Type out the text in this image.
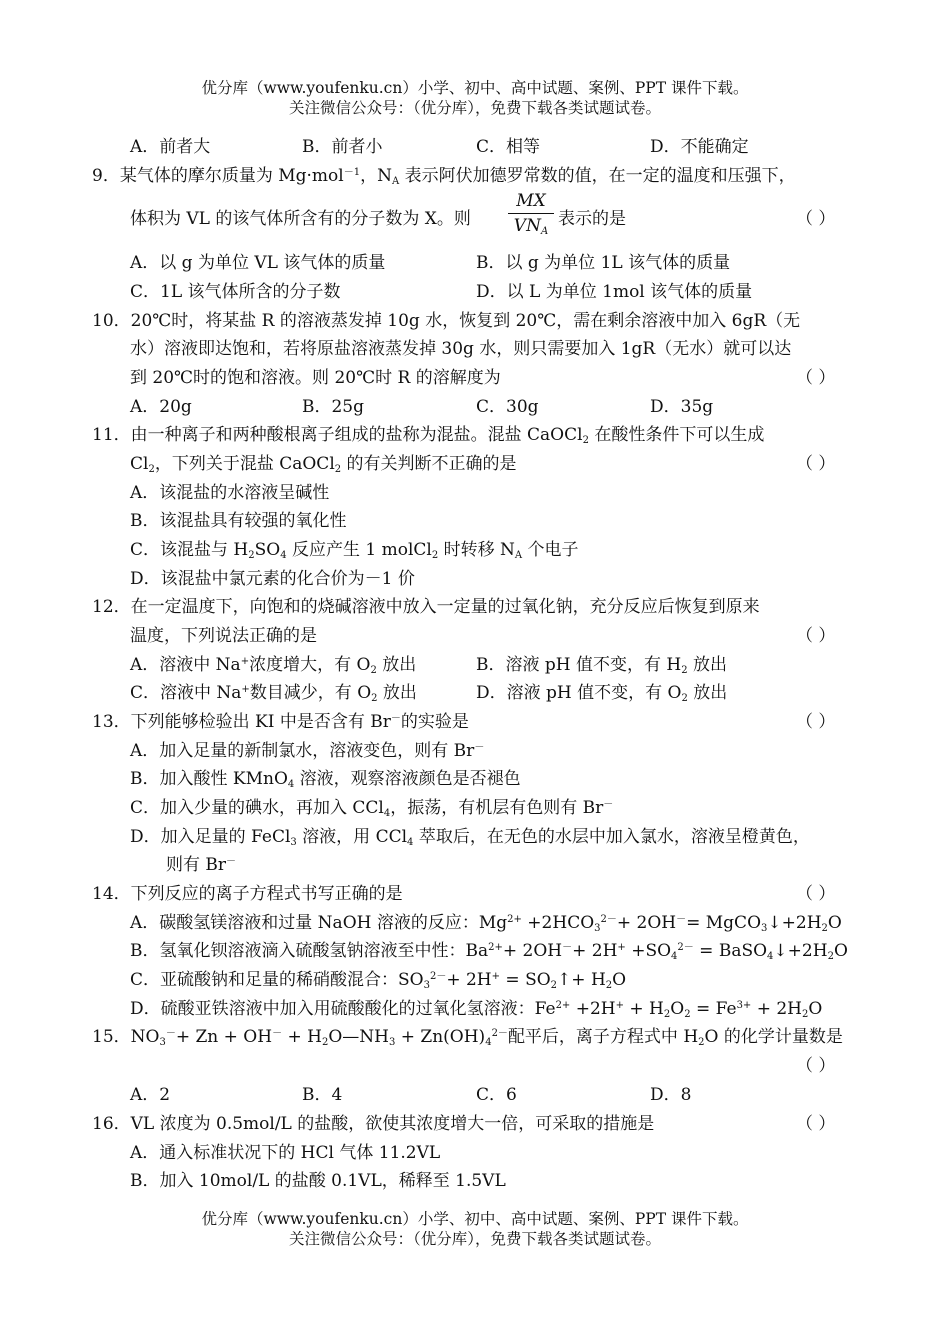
优分库（www.youfenku.cn）小学、初中、高中试题、案例、PPT 课件下载。
关注微信公众号：（优分库），免费下载各类试题试卷。
A．前者大	B．前者小	C．相等	D．不能确定
9．某气体的摩尔质量为 Mg·mol$^{-1}$，$N_A$ 表示阿伏加德罗常数的值，在一定的温度和压强下，
体积为 VL 的该气体所含有的分子数为 X。则
MX
$VN_A$
表示的是	（ ）
A．以 g 为单位 VL 该气体的质量	B．以 g 为单位 1L 该气体的质量
C．1L 该气体所含的分子数	D．以 L 为单位 1mol 该气体的质量
10．20℃时，将某盐 R 的溶液蒸发掉 10g 水，恢复到 20℃，需在剩余溶液中加入 6gR（无
水）溶液即达饱和，若将原盐溶液蒸发掉 30g 水，则只需要加入 1gR（无水）就可以达
到 20℃时的饱和溶液。则 20℃时 R 的溶解度为	（ ）
A．20g	B．25g	C．30g	D．35g
11．由一种离子和两种酸根离子组成的盐称为混盐。混盐 CaOCl$_2$ 在酸性条件下可以生成
$Cl_2$，下列关于混盐 CaOCl$_2$ 的有关判断不正确的是	（ ）
A．该混盐的水溶液呈碱性
B．该混盐具有较强的氧化性
C．该混盐与 $H_2SO_4$ 反应产生 1 molCl$_2$ 时转移 $N_A$ 个电子
D．该混盐中氯元素的化合价为－1 价
12．在一定温度下，向饱和的烧碱溶液中放入一定量的过氧化钠，充分反应后恢复到原来
温度，下列说法正确的是	（ ）
A．溶液中 Na+浓度增大，有 $O_2$ 放出	B．溶液 pH 值不变，有 $H_2$ 放出
C．溶液中 Na+数目减少，有 $O_2$ 放出	D．溶液 pH 值不变，有 $O_2$ 放出
13．下列能够检验出 KI 中是否含有 Br－的实验是	（ ）
A．加入足量的新制氯水，溶液变色，则有 Br－
B．加入酸性 KMnO$_4$ 溶液，观察溶液颜色是否褪色
C．加入少量的碘水，再加入 CCl$_4$，振荡，有机层有色则有 Br－
D．加入足量的 FeCl$_3$ 溶液，用 CCl$_4$ 萃取后，在无色的水层中加入氯水，溶液呈橙黄色，
则有 Br－
14．下列反应的离子方程式书写正确的是	（ ）
A．碳酸氢镁溶液和过量 NaOH 溶液的反应：$Mg^{2+} +2HCO_3^{2-}+ 2OH^-=$ $MgCO_3↓+2H_2O$
B．氢氧化钡溶液滴入硫酸氢钠溶液至中性：$Ba^{2+}+ 2OH^-+ 2H^+ +SO_4^{2-}$ = $BaSO_4↓+2H_2O$
C．亚硫酸钠和足量的稀硝酸混合：$SO_3^{2-}+ 2H^+$ = $SO_2↑+ H_2O$
D．硫酸亚铁溶液中加入用硫酸酸化的过氧化氢溶液：$Fe^{2+} +2H^+ + H_2O_2 = Fe^{3+} + 2H_2O$
15．$NO_3^-+ Zn + OH^-$ + $H_2O—NH_3 + Zn(OH)_4^{2-}$配平后，离子方程式中 $H_2O$ 的化学计量数是
（ ）
A．2	B．4	C．6	D．8
16．VL 浓度为 0.5mol/L 的盐酸，欲使其浓度增大一倍，可采取的措施是	（ ）
A．通入标准状况下的 HCl 气体 11.2VL
B．加入 10mol/L 的盐酸 0.1VL，稀释至 1.5VL
优分库（www.youfenku.cn）小学、初中、高中试题、案例、PPT 课件下载。
关注微信公众号：（优分库），免费下载各类试题试卷。
